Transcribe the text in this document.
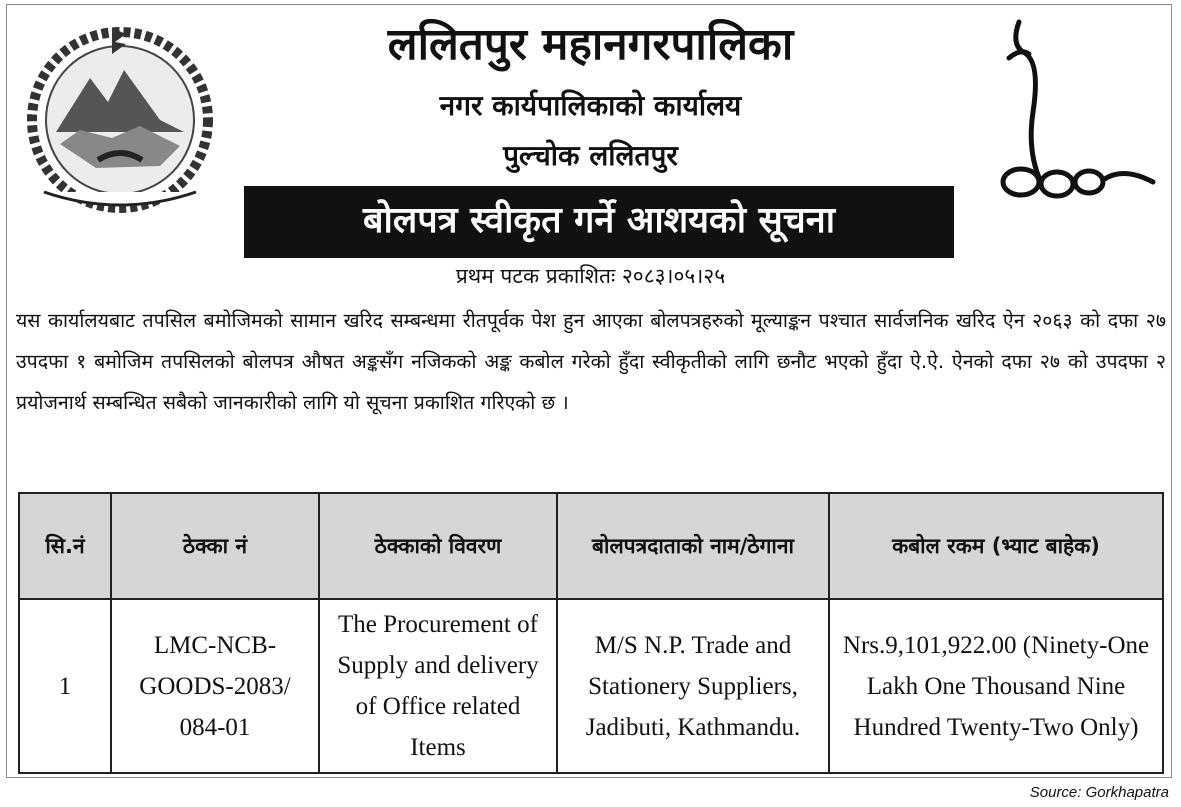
ललितपुर महानगरपालिका
नगर कार्यपालिकाको कार्यालय
पुल्चोक ललितपुर
बोलपत्र स्वीकृत गर्ने आशयको सूचना
प्रथम पटक प्रकाशितः २०८३।०५।२५

यस कार्यालयबाट तपसिल बमोजिमको सामान खरिद सम्बन्धमा रीतपूर्वक पेश हुन आएका बोलपत्रहरुको मूल्याङ्कन पश्चात सार्वजनिक खरिद ऐन २०६३ को दफा २७ उपदफा १ बमोजिम तपसिलको बोलपत्र औषत अङ्कसँग नजिकको अङ्क कबोल गरेको हुँदा स्वीकृतीको लागि छनौट भएको हुँदा ऐ.ऐ. ऐनको दफा २७ को उपदफा २ प्रयोजनार्थ सम्बन्धित सबैको जानकारीको लागि यो सूचना प्रकाशित गरिएको छ ।

सि.नं	ठेक्का नं	ठेक्काको विवरण	बोलपत्रदाताको नाम/ठेगाना	कबोल रकम (भ्याट बाहेक)
1	LMC-NCB-GOODS-2083/ 084-01	The Procurement of Supply and delivery of Office related Items	M/S N.P. Trade and Stationery Suppliers, Jadibuti, Kathmandu.	Nrs.9,101,922.00 (Ninety-One Lakh One Thousand Nine Hundred Twenty-Two Only)
Source: Gorkhapatra
